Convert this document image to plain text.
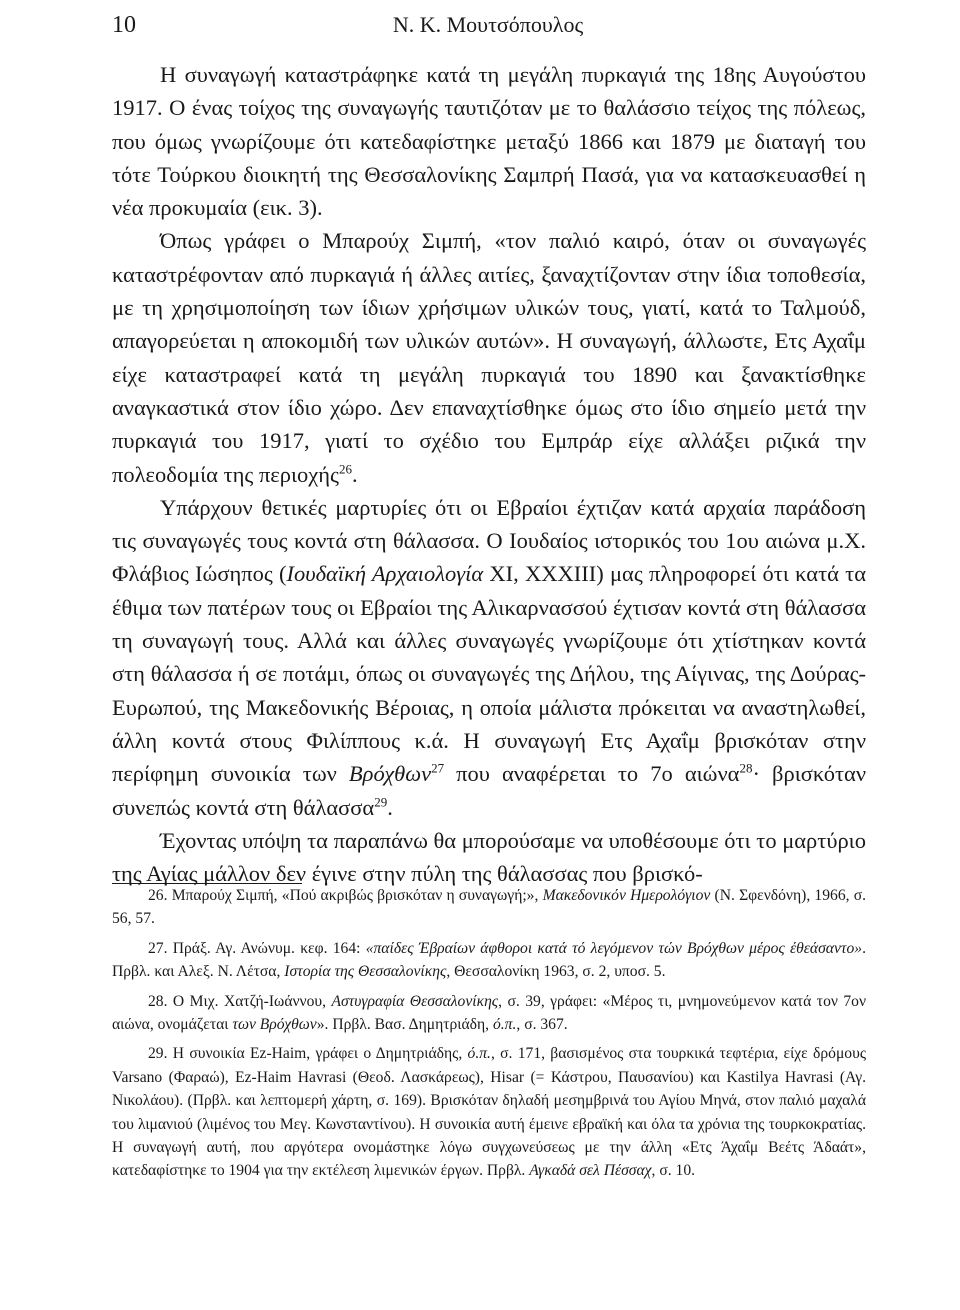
10	Ν. Κ. Μουτσόπουλος

Η συναγωγή καταστράφηκε κατά τη μεγάλη πυρκαγιά της 18ης Αυγούστου 1917. Ο ένας τοίχος της συναγωγής ταυτιζόταν με το θαλάσσιο τείχος της πόλεως, που όμως γνωρίζουμε ότι κατεδαφίστηκε μεταξύ 1866 και 1879 με διαταγή του τότε Τούρκου διοικητή της Θεσσαλονίκης Σαμπρή Πασά, για να κατασκευασθεί η νέα προκυμαία (εικ. 3).

Όπως γράφει ο Μπαρούχ Σιμπή, «τον παλιό καιρό, όταν οι συναγωγές καταστρέφονταν από πυρκαγιά ή άλλες αιτίες, ξαναχτίζονταν στην ίδια τοποθεσία, με τη χρησιμοποίηση των ίδιων χρήσιμων υλικών τους, γιατί, κατά το Ταλμούδ, απαγορεύεται η αποκομιδή των υλικών αυτών». Η συναγωγή, άλλωστε, Ετς Αχαΐμ είχε καταστραφεί κατά τη μεγάλη πυρκαγιά του 1890 και ξανακτίσθηκε αναγκαστικά στον ίδιο χώρο. Δεν επαναχτίσθηκε όμως στο ίδιο σημείο μετά την πυρκαγιά του 1917, γιατί το σχέδιο του Εμπράρ είχε αλλάξει ριζικά την πολεοδομία της περιοχής$^{26}$.

Υπάρχουν θετικές μαρτυρίες ότι οι Εβραίοι έχτιζαν κατά αρχαία παράδοση τις συναγωγές τους κοντά στη θάλασσα. Ο Ιουδαίος ιστορικός του 1ου αιώνα μ.Χ. Φλάβιος Ιώσηπος (Ιουδαϊκή Αρχαιολογία XI, XXXIII) μας πληροφορεί ότι κατά τα έθιμα των πατέρων τους οι Εβραίοι της Αλικαρνασσού έχτισαν κοντά στη θάλασσα τη συναγωγή τους. Αλλά και άλλες συναγωγές γνωρίζουμε ότι χτίστηκαν κοντά στη θάλασσα ή σε ποτάμι, όπως οι συναγωγές της Δήλου, της Αίγινας, της Δούρας-Ευρωπού, της Μακεδονικής Βέροιας, η οποία μάλιστα πρόκειται να αναστηλωθεί, άλλη κοντά στους Φιλίππους κ.ά. Η συναγωγή Ετς Αχαΐμ βρισκόταν στην περίφημη συνοικία των Βρόχθων$^{27}$ που αναφέρεται το 7ο αιώνα$^{28}$· βρισκόταν συνεπώς κοντά στη θάλασσα$^{29}$.

Έχοντας υπόψη τα παραπάνω θα μπορούσαμε να υποθέσουμε ότι το μαρτύριο της Αγίας μάλλον δεν έγινε στην πύλη της θάλασσας που βρισκό-

26. Μπαρούχ Σιμπή, «Πού ακριβώς βρισκόταν η συναγωγή;», Μακεδονικόν Ημερολόγιον (Ν. Σφενδόνη), 1966, σ. 56, 57.

27. Πράξ. Αγ. Ανώνυμ. κεφ. 164: «παίδες Έβραίων άφθοροι κατά τό λεγόμενον τών Βρόχθων μέρος έθεάσαντο». Πρβλ. και Αλεξ. Ν. Λέτσα, Ιστορία της Θεσσαλονίκης, Θεσσαλονίκη 1963, σ. 2, υποσ. 5.

28. Ο Μιχ. Χατζή-Ιωάννου, Αστυγραφία Θεσσαλονίκης, σ. 39, γράφει: «Μέρος τι, μνημονεύμενον κατά τον 7ον αιώνα, ονομάζεται των Βρόχθων». Πρβλ. Βασ. Δημητριάδη, ό.π., σ. 367.

29. Η συνοικία Ez-Haim, γράφει ο Δημητριάδης, ό.π., σ. 171, βασισμένος στα τουρκικά τεφτέρια, είχε δρόμους Varsano (Φαραώ), Ez-Haim Havrasi (Θεοδ. Λασκάρεως), Hisar (= Κάστρου, Παυσανίου) και Kastilya Havrasi (Αγ. Νικολάου). (Πρβλ. και λεπτομερή χάρτη, σ. 169). Βρισκόταν δηλαδή μεσημβρινά του Αγίου Μηνά, στον παλιό μαχαλά του λιμανιού (λιμένος του Μεγ. Κωνσταντίνου). Η συνοικία αυτή έμεινε εβραϊκή και όλα τα χρόνια της τουρκοκρατίας. Η συναγωγή αυτή, που αργότερα ονομάστηκε λόγω συγχωνεύσεως με την άλλη «Ετς Άχαΐμ Βεέτς Άδαάτ», κατεδαφίστηκε το 1904 για την εκτέλεση λιμενικών έργων. Πρβλ. Αγκαδά σελ Πέσσαχ, σ. 10.
